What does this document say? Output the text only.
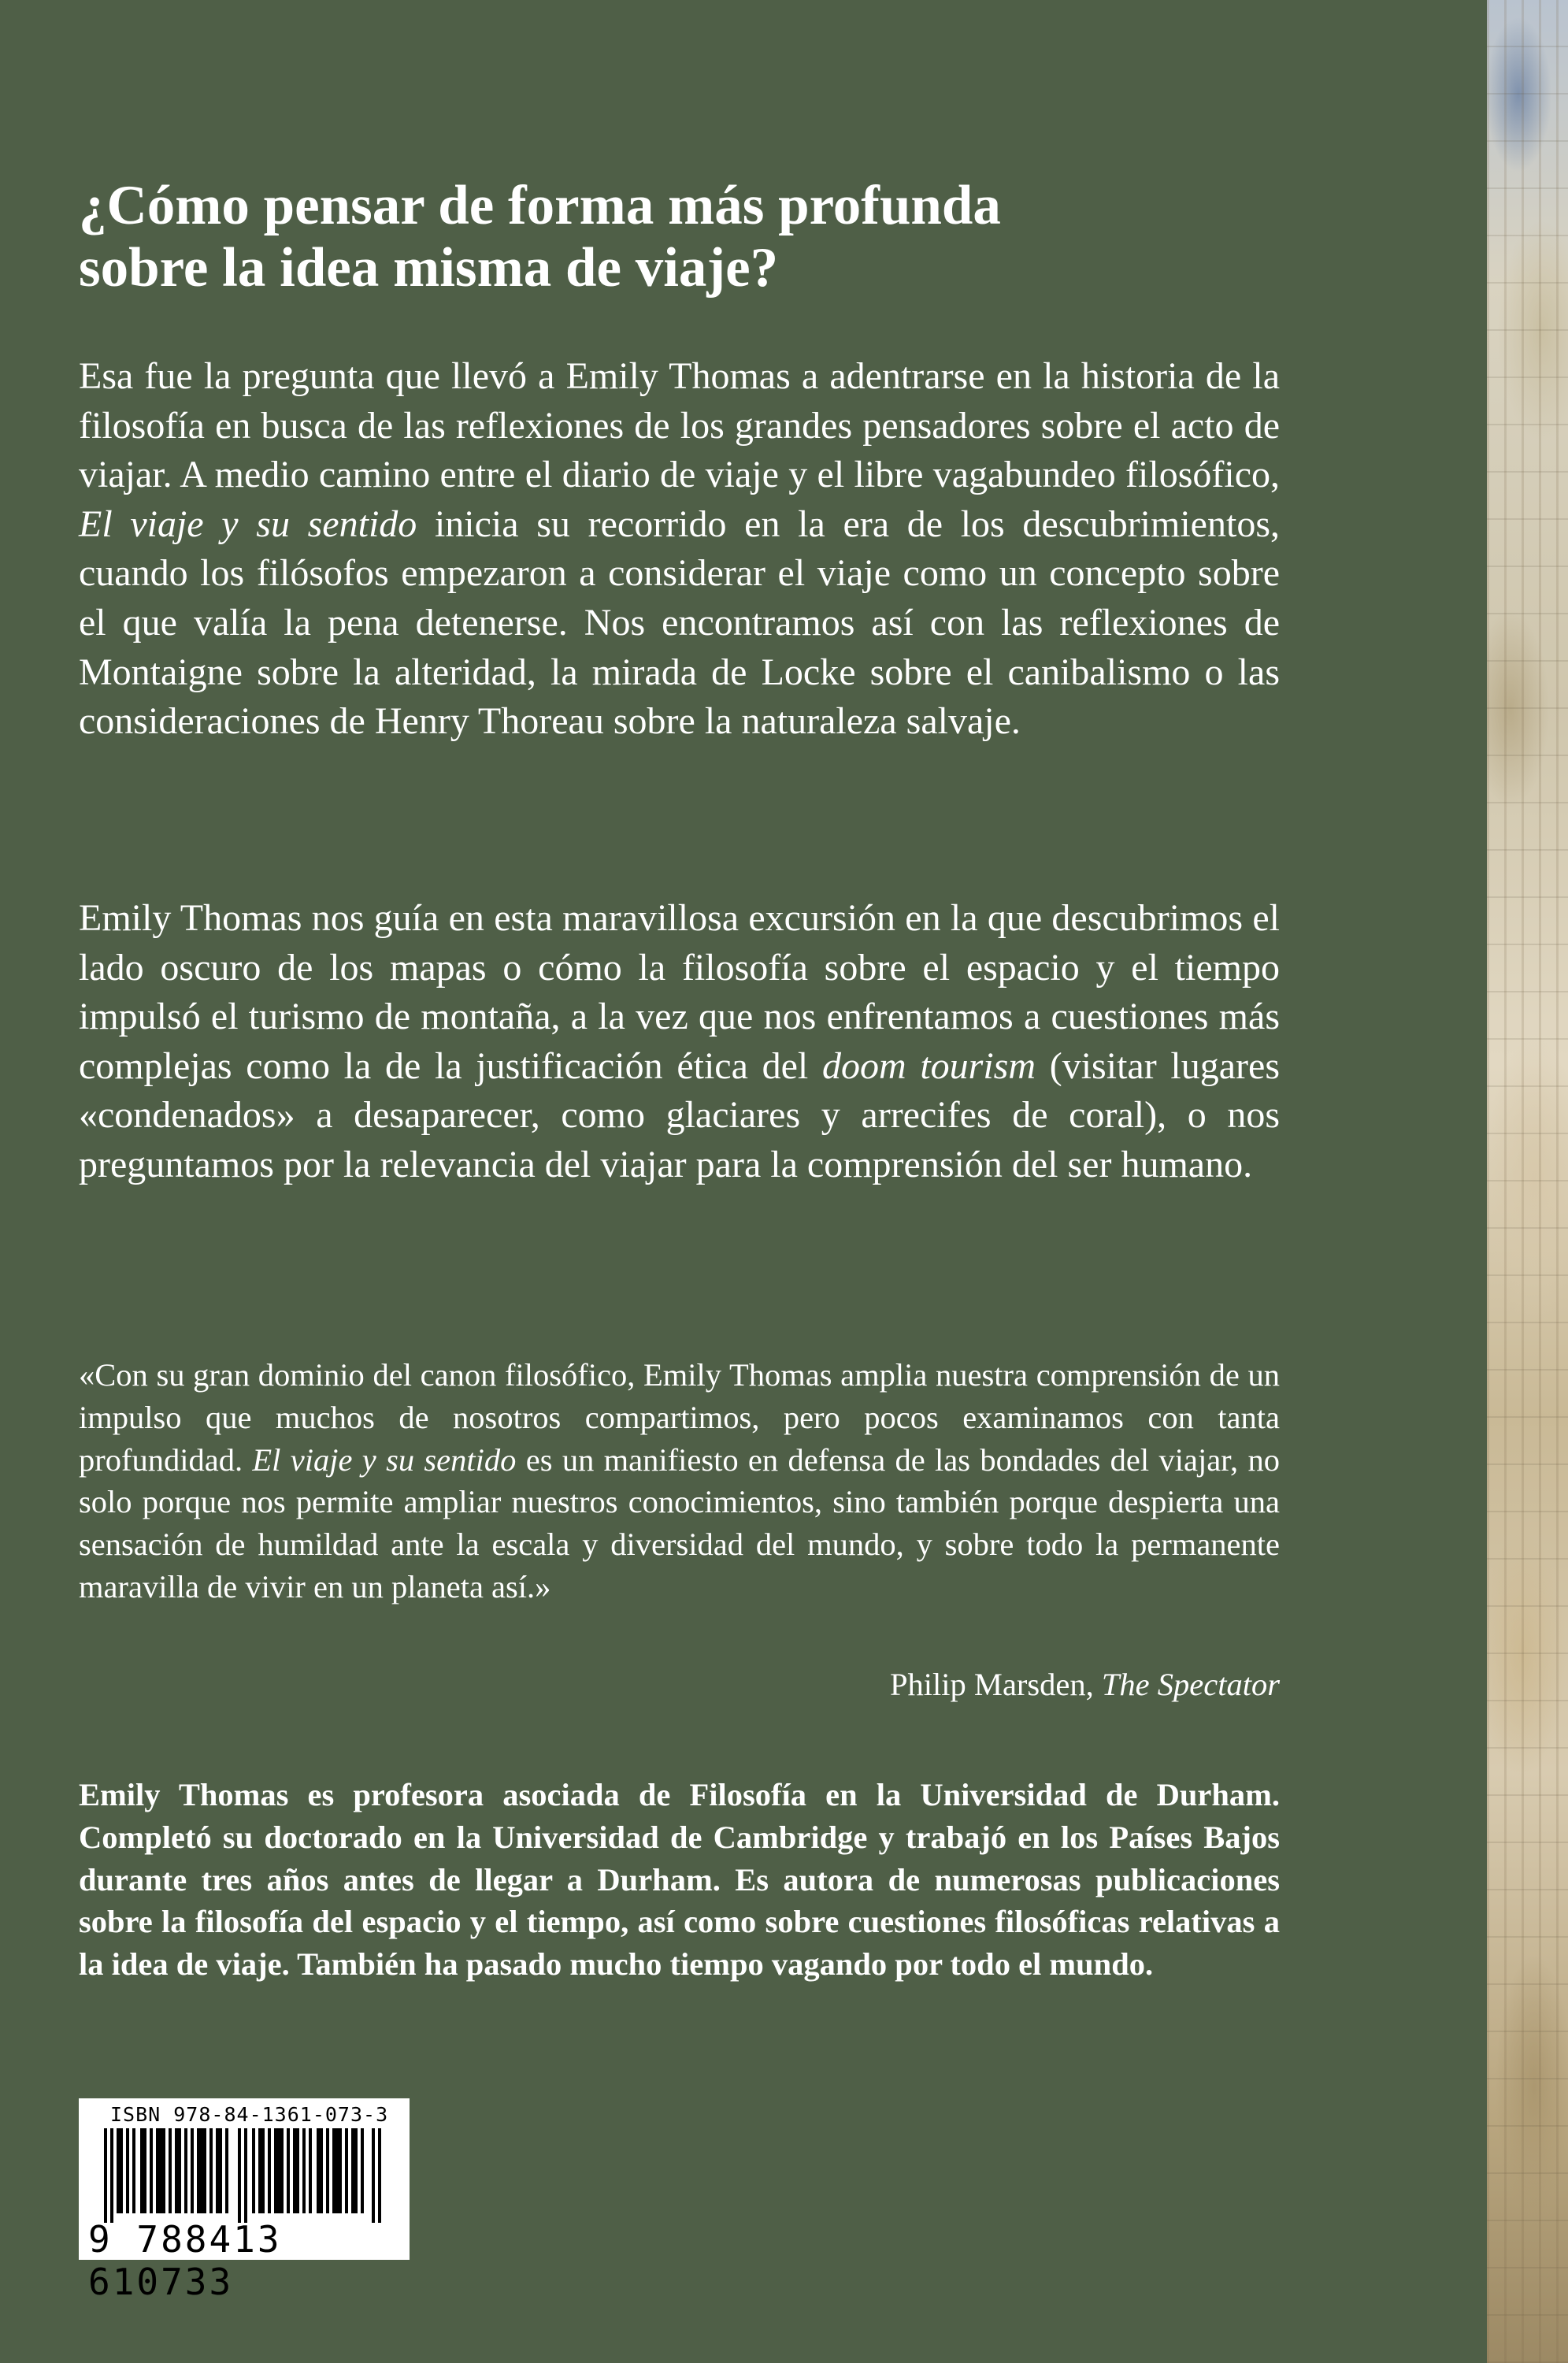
¿Cómo pensar de forma más profunda
sobre la idea misma de viaje?

Esa fue la pregunta que llevó a Emily Thomas a adentrarse en la historia de la filosofía en busca de las reflexiones de los grandes pensadores sobre el acto de viajar. A medio camino entre el diario de viaje y el libre vagabundeo filosófico, El viaje y su sentido inicia su recorrido en la era de los descubrimientos, cuando los filósofos empezaron a considerar el viaje como un concepto sobre el que valía la pena detenerse. Nos encontramos así con las reflexiones de Montaigne sobre la alteridad, la mirada de Locke sobre el canibalismo o las consideraciones de Henry Thoreau sobre la naturaleza salvaje.

Emily Thomas nos guía en esta maravillosa excursión en la que descubrimos el lado oscuro de los mapas o cómo la filosofía sobre el espacio y el tiempo impulsó el turismo de montaña, a la vez que nos enfrentamos a cuestiones más complejas como la de la justificación ética del doom tourism (visitar lugares «condenados» a desaparecer, como glaciares y arrecifes de coral), o nos preguntamos por la relevancia del viajar para la comprensión del ser humano.

«Con su gran dominio del canon filosófico, Emily Thomas amplia nuestra comprensión de un impulso que muchos de nosotros compartimos, pero pocos examinamos con tanta profundidad. El viaje y su sentido es un manifiesto en defensa de las bondades del viajar, no solo porque nos permite ampliar nuestros conocimientos, sino también porque despierta una sensación de humildad ante la escala y diversidad del mundo, y sobre todo la permanente maravilla de vivir en un planeta así.»

Philip Marsden, The Spectator

Emily Thomas es profesora asociada de Filosofía en la Universidad de Durham. Completó su doctorado en la Universidad de Cambridge y trabajó en los Países Bajos durante tres años antes de llegar a Durham. Es autora de numerosas publicaciones sobre la filosofía del espacio y el tiempo, así como sobre cuestiones filosóficas relativas a la idea de viaje. También ha pasado mucho tiempo vagando por todo el mundo.

ISBN 978-84-1361-073-3
9 788413 610733
